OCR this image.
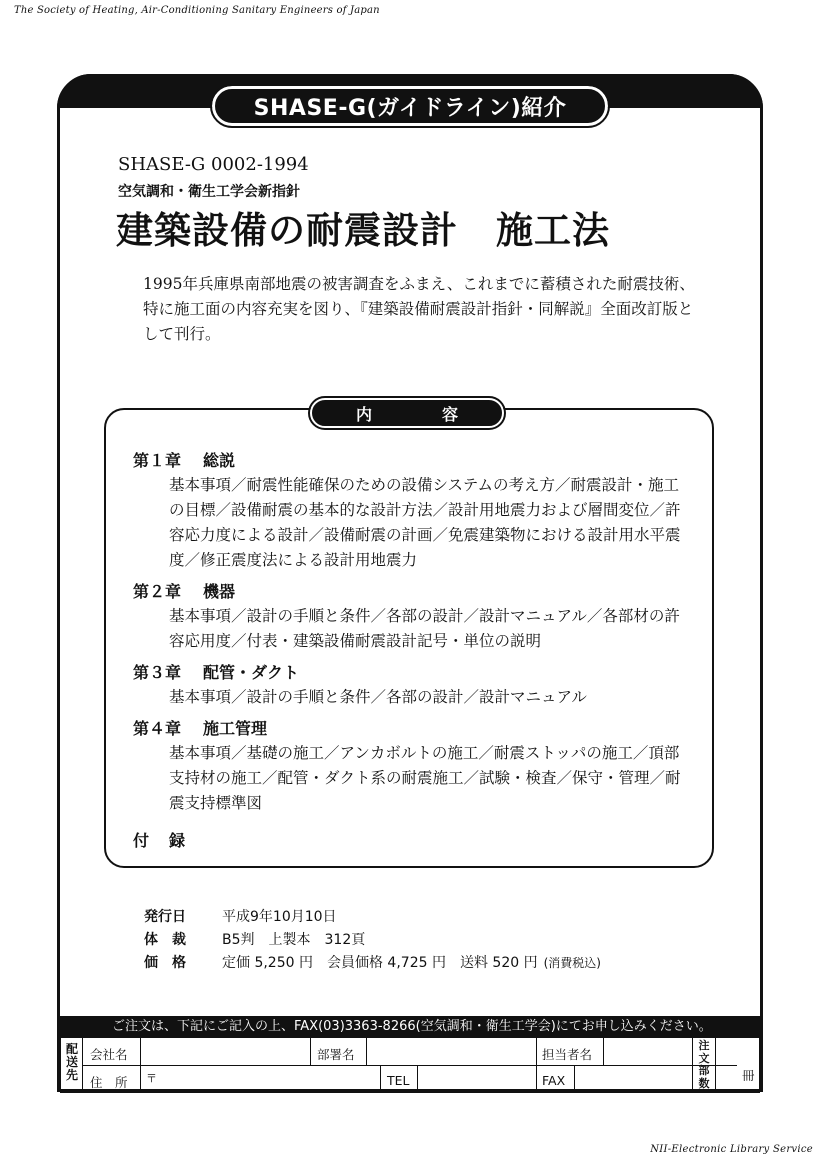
The Society of Heating, Air-Conditioning Sanitary Engineers of Japan
SHASE-G(ガイドライン)紹介
SHASE-G 0002-1994
空気調和・衛生工学会新指針
建築設備の耐震設計　施工法
1995年兵庫県南部地震の被害調査をふまえ、これまでに蓄積された耐震技術、特に施工面の内容充実を図り、『建築設備耐震設計指針・同解説』全面改訂版として刊行。
内	容
第１章 総説
基本事項／耐震性能確保のための設備システムの考え方／耐震設計・施工の目標／設備耐震の基本的な設計方法／設計用地震力および層間変位／許容応力度による設計／設備耐震の計画／免震建築物における設計用水平震度／修正震度法による設計用地震力
第２章 機器
基本事項／設計の手順と条件／各部の設計／設計マニュアル／各部材の許容応用度／付表・建築設備耐震設計記号・単位の説明
第３章 配管・ダクト
基本事項／設計の手順と条件／各部の設計／設計マニュアル
第４章 施工管理
基本事項／基礎の施工／アンカボルトの施工／耐震ストッパの施工／頂部支持材の施工／配管・ダクト系の耐震施工／試験・検査／保守・管理／耐震支持標準図
付 録
発行日	平成9年10月10日
体　裁	B5判　上製本　312頁
価　格	定価 5,250 円　会員価格 4,725 円　送料 520 円 (消費税込)
ご注文は、下記にご記入の上、FAX(03)3363-8266(空気調和・衛生工学会)にてお申し込みください。
配送先
会社名	部署名	担当者名
住　所 〒	TEL	FAX
注文部数	冊
NII-Electronic Library Service
